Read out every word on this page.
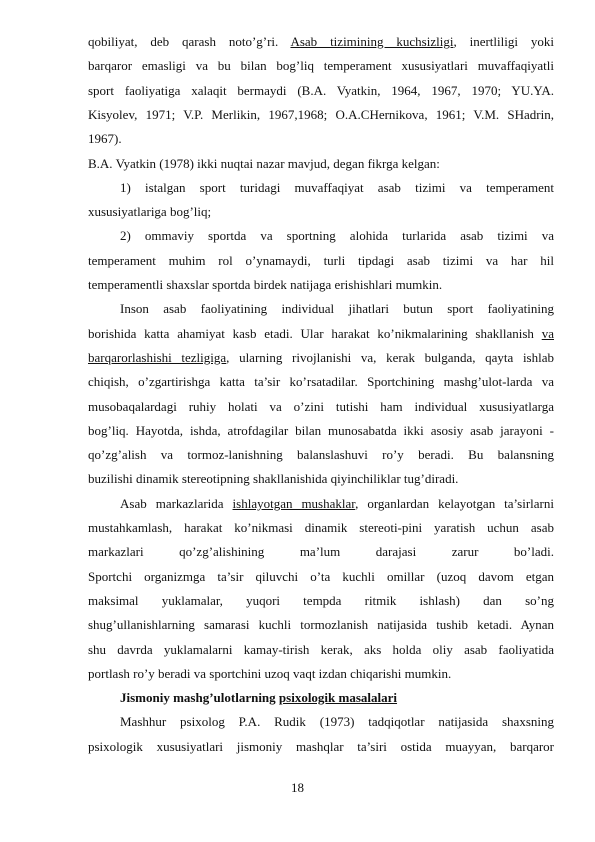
qobiliyat, deb qarash noto’g’ri. Asab tizimining kuchsizligi, inertliligi yoki
barqaror emasligi va bu bilan bog’liq temperament xususiyatlari muvaffaqiyatli
sport faoliyatiga xalaqit bermaydi (B.A. Vyatkin, 1964, 1967, 1970; YU.YA.
Kisyolev, 1971; V.P. Merlikin, 1967,1968; O.A.CHernikova, 1961; V.M. SHadrin,
1967).
B.A. Vyatkin (1978) ikki nuqtai nazar mavjud, degan fikrga kelgan:
1) istalgan sport turidagi muvaffaqiyat asab tizimi va temperament
xususiyatlariga bog’liq;
2) ommaviy sportda va sportning alohida turlarida asab tizimi va
temperament muhim rol o’ynamaydi, turli tipdagi asab tizimi va har hil
temperamentli shaxslar sportda birdek natijaga erishishlari mumkin.
Inson asab faoliyatining individual jihatlari butun sport faoliyatining
borishida katta ahamiyat kasb etadi. Ular harakat ko’nikmalarining shakllanish va
barqarorlashishi tezligiga, ularning rivojlanishi va, kerak bulganda, qayta ishlab
chiqish, o’zgartirishga katta ta’sir ko’rsatadilar. Sportchining mashg’ulot-larda va
musobaqalardagi ruhiy holati va o’zini tutishi ham individual xususiyatlarga
bog’liq. Hayotda, ishda, atrofdagilar bilan munosabatda ikki asosiy asab jarayoni -
qo’zg’alish va tormoz-lanishning balanslashuvi ro’y beradi. Bu balansning
buzilishi dinamik stereotipning shakllanishida qiyinchiliklar tug’diradi.
Asab markazlarida ishlayotgan mushaklar, organlardan kelayotgan ta’sirlarni
mustahkamlash, harakat ko’nikmasi dinamik stereoti-pini yaratish uchun asab
markazlari qo’zg’alishining ma’lum darajasi zarur bo’ladi.
Sportchi organizmga ta’sir qiluvchi o’ta kuchli omillar (uzoq davom etgan
maksimal yuklamalar, yuqori tempda ritmik ishlash) dan so’ng
shug’ullanishlarning samarasi kuchli tormozlanish natijasida tushib ketadi. Aynan
shu davrda yuklamalarni kamay-tirish kerak, aks holda oliy asab faoliyatida
portlash ro’y beradi va sportchini uzoq vaqt izdan chiqarishi mumkin.
Jismoniy mashg’ulotlarning psixologik masalalari
Mashhur psixolog P.A. Rudik (1973) tadqiqotlar natijasida shaxsning
psixologik xususiyatlari jismoniy mashqlar ta’siri ostida muayyan, barqaror
18
